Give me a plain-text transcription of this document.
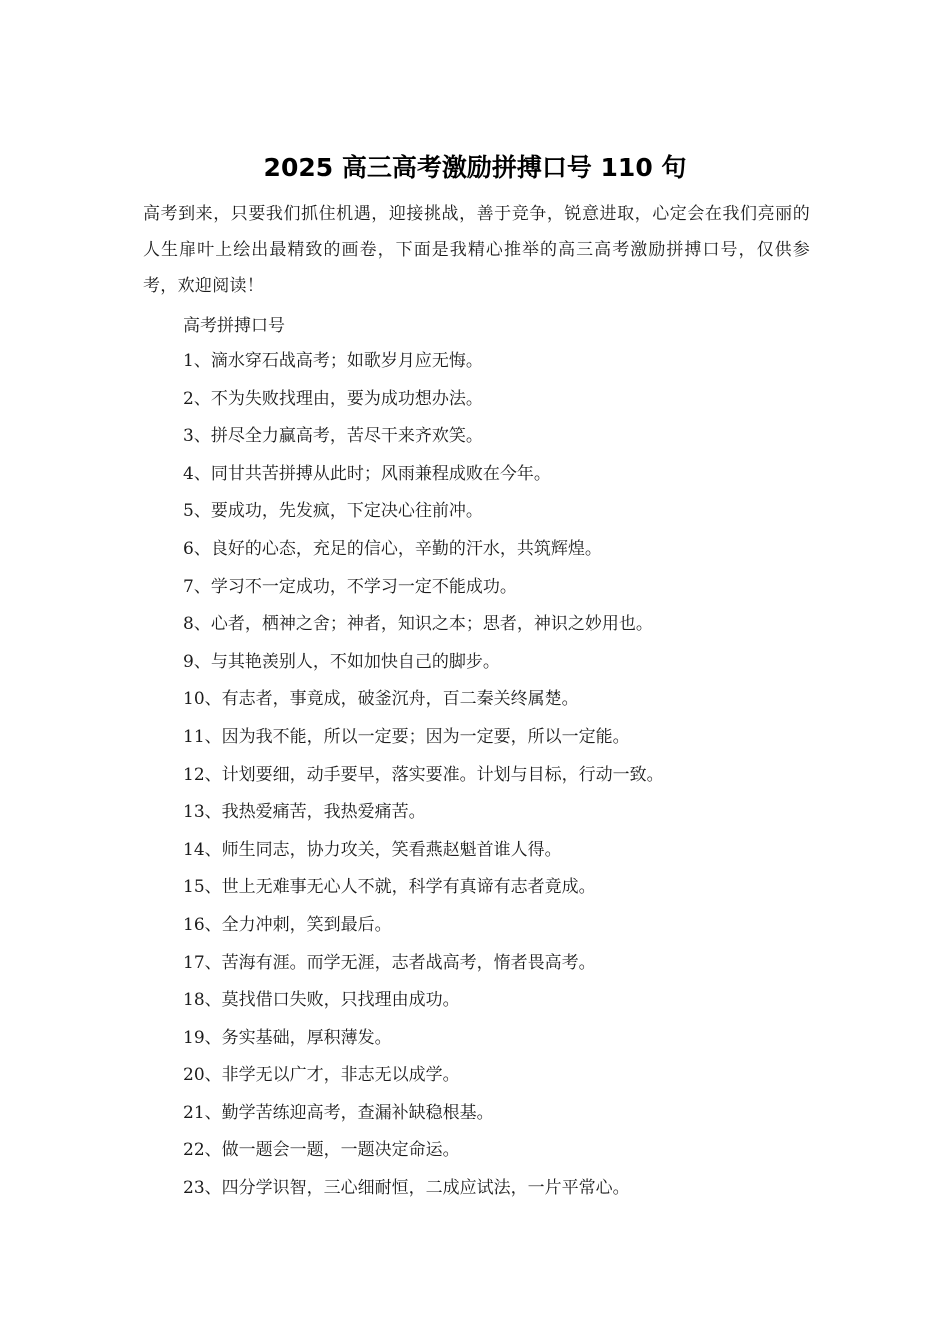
2025 高三高考激励拼搏口号 110 句
高考到来，只要我们抓住机遇，迎接挑战，善于竞争，锐意进取，心定会在我们亮丽的人生扉叶上绘出最精致的画卷，下面是我精心推举的高三高考激励拼搏口号，仅供参考，欢迎阅读！
高考拼搏口号
1、滴水穿石战高考；如歌岁月应无悔。
2、不为失败找理由，要为成功想办法。
3、拼尽全力赢高考，苦尽干来齐欢笑。
4、同甘共苦拼搏从此时；风雨兼程成败在今年。
5、要成功，先发疯，下定决心往前冲。
6、良好的心态，充足的信心，辛勤的汗水，共筑辉煌。
7、学习不一定成功，不学习一定不能成功。
8、心者，栖神之舍；神者，知识之本；思者，神识之妙用也。
9、与其艳羡别人，不如加快自己的脚步。
10、有志者，事竟成，破釜沉舟，百二秦关终属楚。
11、因为我不能，所以一定要；因为一定要，所以一定能。
12、计划要细，动手要早，落实要准。计划与目标，行动一致。
13、我热爱痛苦，我热爱痛苦。
14、师生同志，协力攻关，笑看燕赵魁首谁人得。
15、世上无难事无心人不就，科学有真谛有志者竟成。
16、全力冲刺，笑到最后。
17、苦海有涯。而学无涯，志者战高考，惰者畏高考。
18、莫找借口失败，只找理由成功。
19、务实基础，厚积薄发。
20、非学无以广才，非志无以成学。
21、勤学苦练迎高考，查漏补缺稳根基。
22、做一题会一题，一题决定命运。
23、四分学识智，三心细耐恒，二成应试法，一片平常心。
